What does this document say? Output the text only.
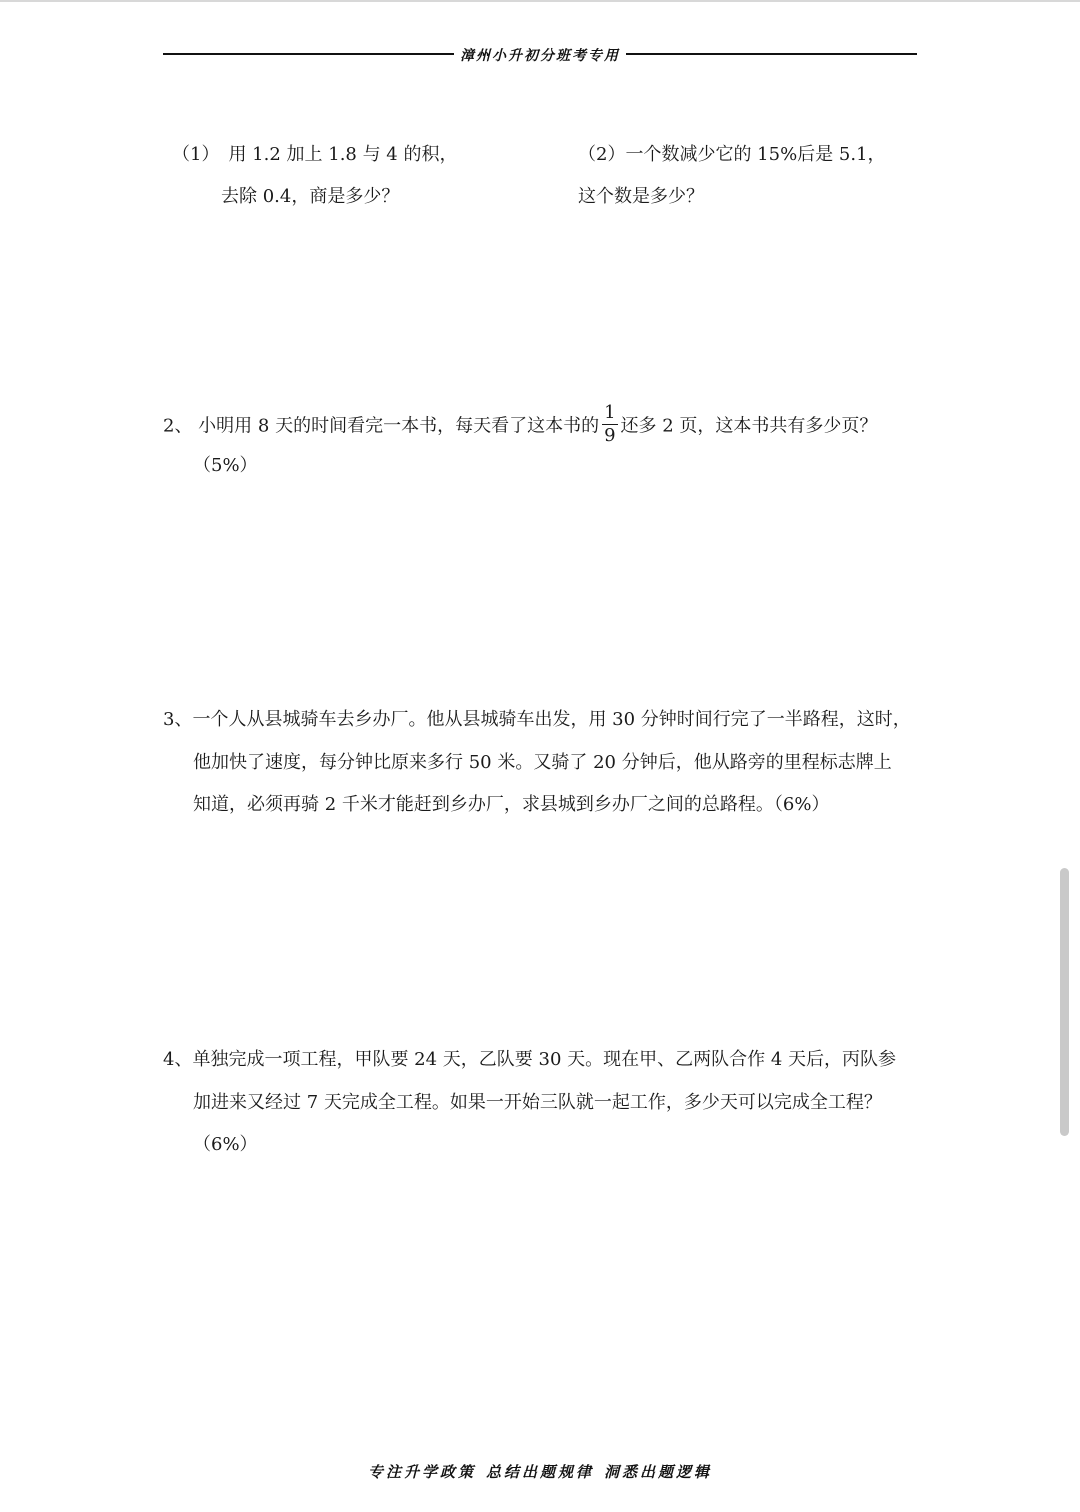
漳州小升初分班考专用
（1）　用 1.2 加上 1.8 与 4 的积，
去除 0.4，商是多少？
（2）一个数减少它的 15%后是 5.1，
这个数是多少？
2、 小明用 8 天的时间看完一本书，每天看了这本书的 $\frac{1}{9}$ 还多 2 页，这本书共有多少页？
（5%）
3、一个人从县城骑车去乡办厂。他从县城骑车出发，用 30 分钟时间行完了一半路程，这时，
他加快了速度，每分钟比原来多行 50 米。又骑了 20 分钟后，他从路旁的里程标志牌上
知道，必须再骑 2 千米才能赶到乡办厂，求县城到乡办厂之间的总路程。（6%）
4、单独完成一项工程，甲队要 24 天，乙队要 30 天。现在甲、乙两队合作 4 天后，丙队参
加进来又经过 7 天完成全工程。如果一开始三队就一起工作，多少天可以完成全工程？
（6%）
专注升学政策 总结出题规律 洞悉出题逻辑
